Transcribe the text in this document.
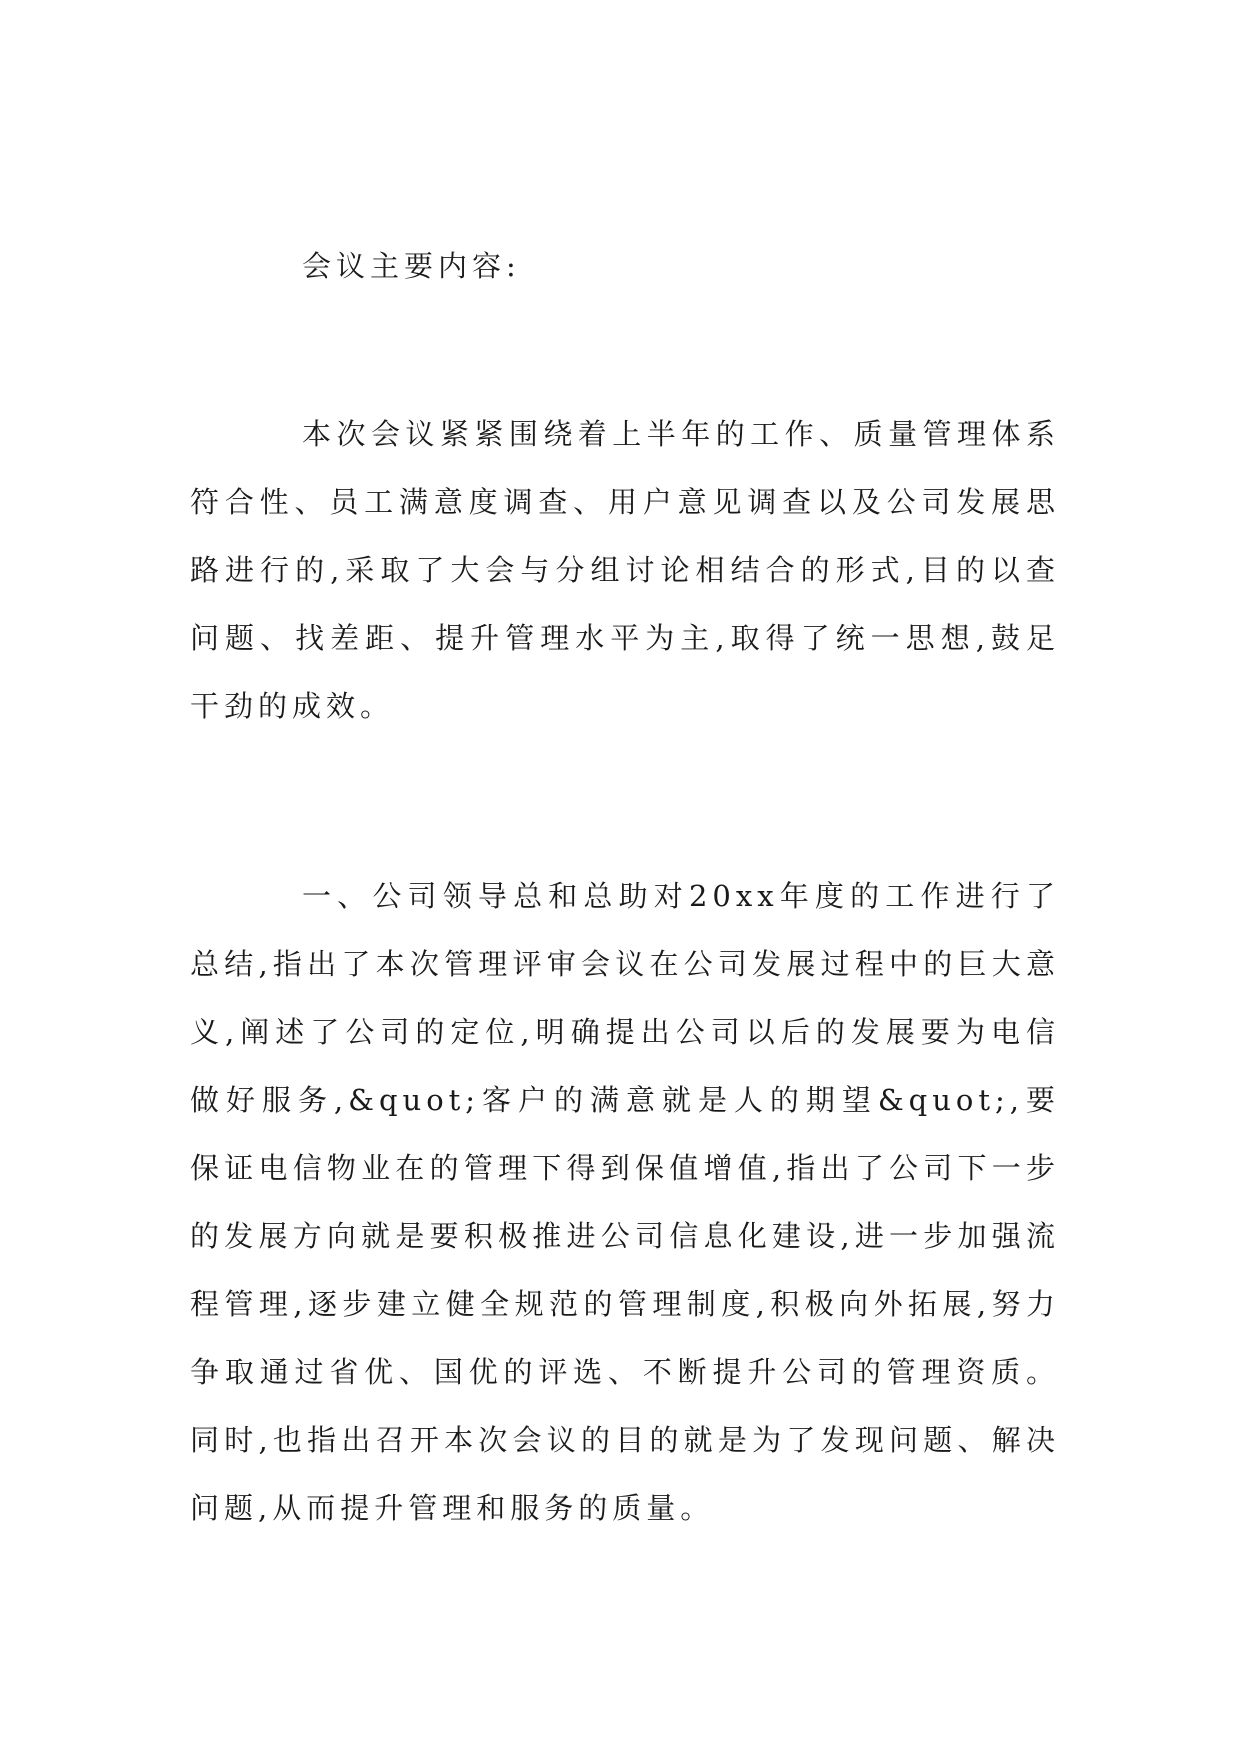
会议主要内容:

本次会议紧紧围绕着上半年的工作、质量管理体系符合性、员工满意度调查、用户意见调查以及公司发展思路进行的,采取了大会与分组讨论相结合的形式,目的以查问题、找差距、提升管理水平为主,取得了统一思想,鼓足干劲的成效。

一、公司领导总和总助对20xx年度的工作进行了总结,指出了本次管理评审会议在公司发展过程中的巨大意义,阐述了公司的定位,明确提出公司以后的发展要为电信做好服务,&quot;客户的满意就是人的期望&quot;,要保证电信物业在的管理下得到保值增值,指出了公司下一步的发展方向就是要积极推进公司信息化建设,进一步加强流程管理,逐步建立健全规范的管理制度,积极向外拓展,努力争取通过省优、国优的评选、不断提升公司的管理资质。同时,也指出召开本次会议的目的就是为了发现问题、解决问题,从而提升管理和服务的质量。
